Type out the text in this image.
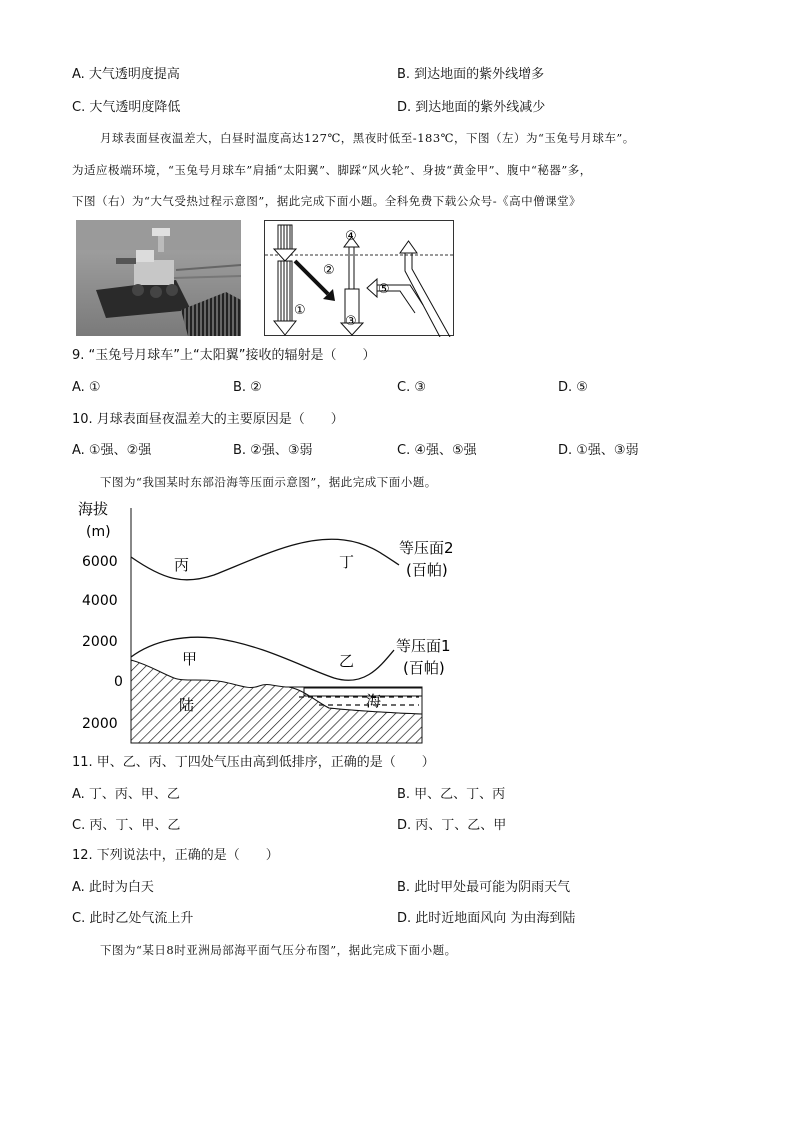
A. 大气透明度提高	B. 到达地面的紫外线增多
C. 大气透明度降低	D. 到达地面的紫外线减少
月球表面昼夜温差大，白昼时温度高达127℃，黑夜时低至-183℃，下图（左）为“玉兔号月球车”。
为适应极端环境，“玉兔号月球车”肩插“太阳翼”、脚踩“风火轮”、身披“黄金甲”、腹中“秘器”多，
下图（右）为“大气受热过程示意图”，据此完成下面小题。全科免费下载公众号-《高中僧课堂》
①
②
③
④
⑤
9. “玉兔号月球车”上“太阳翼”接收的辐射是（　　）
A. ①	B. ②	C. ③	D. ⑤
10. 月球表面昼夜温差大的主要原因是（　　）
A. ①强、②强	B. ②强、③弱	C. ④强、⑤强	D. ①强、③弱
下图为“我国某时东部沿海等压面示意图”，据此完成下面小题。
海拔
(m)
6000
4000
2000
0
2000
丙	丁
甲	乙
陆	海
等压面2
(百帕)
等压面1
(百帕)
11. 甲、乙、丙、丁四处气压由高到低排序，正确的是（　　）
A. 丁、丙、甲、乙	B. 甲、乙、丁、丙
C. 丙、丁、甲、乙	D. 丙、丁、乙、甲
12. 下列说法中，正确的是（　　）
A. 此时为白天	B. 此时甲处最可能为阴雨天气
C. 此时乙处气流上升	D. 此时近地面风向 为由海到陆
下图为“某日8时亚洲局部海平面气压分布图”，据此完成下面小题。
